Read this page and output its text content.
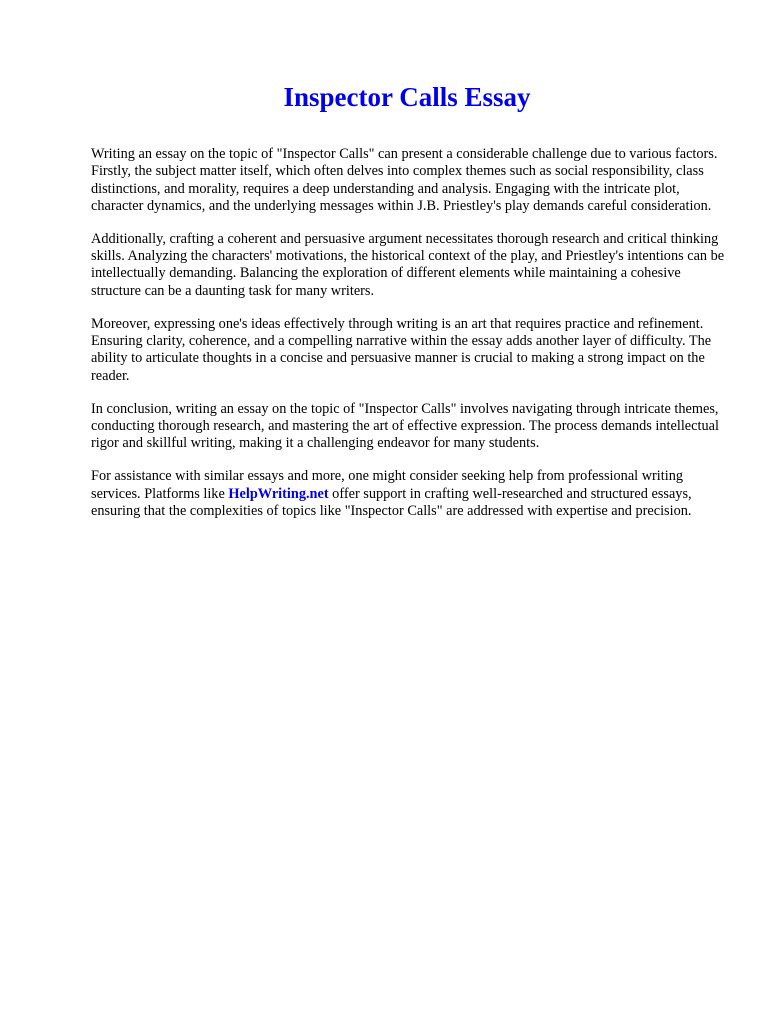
Inspector Calls Essay

Writing an essay on the topic of "Inspector Calls" can present a considerable challenge due to various factors. Firstly, the subject matter itself, which often delves into complex themes such as social responsibility, class distinctions, and morality, requires a deep understanding and analysis. Engaging with the intricate plot, character dynamics, and the underlying messages within J.B. Priestley's play demands careful consideration.

Additionally, crafting a coherent and persuasive argument necessitates thorough research and critical thinking skills. Analyzing the characters' motivations, the historical context of the play, and Priestley's intentions can be intellectually demanding. Balancing the exploration of different elements while maintaining a cohesive structure can be a daunting task for many writers.

Moreover, expressing one's ideas effectively through writing is an art that requires practice and refinement. Ensuring clarity, coherence, and a compelling narrative within the essay adds another layer of difficulty. The ability to articulate thoughts in a concise and persuasive manner is crucial to making a strong impact on the reader.

In conclusion, writing an essay on the topic of "Inspector Calls" involves navigating through intricate themes, conducting thorough research, and mastering the art of effective expression. The process demands intellectual rigor and skillful writing, making it a challenging endeavor for many students.

For assistance with similar essays and more, one might consider seeking help from professional writing services. Platforms like HelpWriting.net offer support in crafting well-researched and structured essays, ensuring that the complexities of topics like "Inspector Calls" are addressed with expertise and precision.
